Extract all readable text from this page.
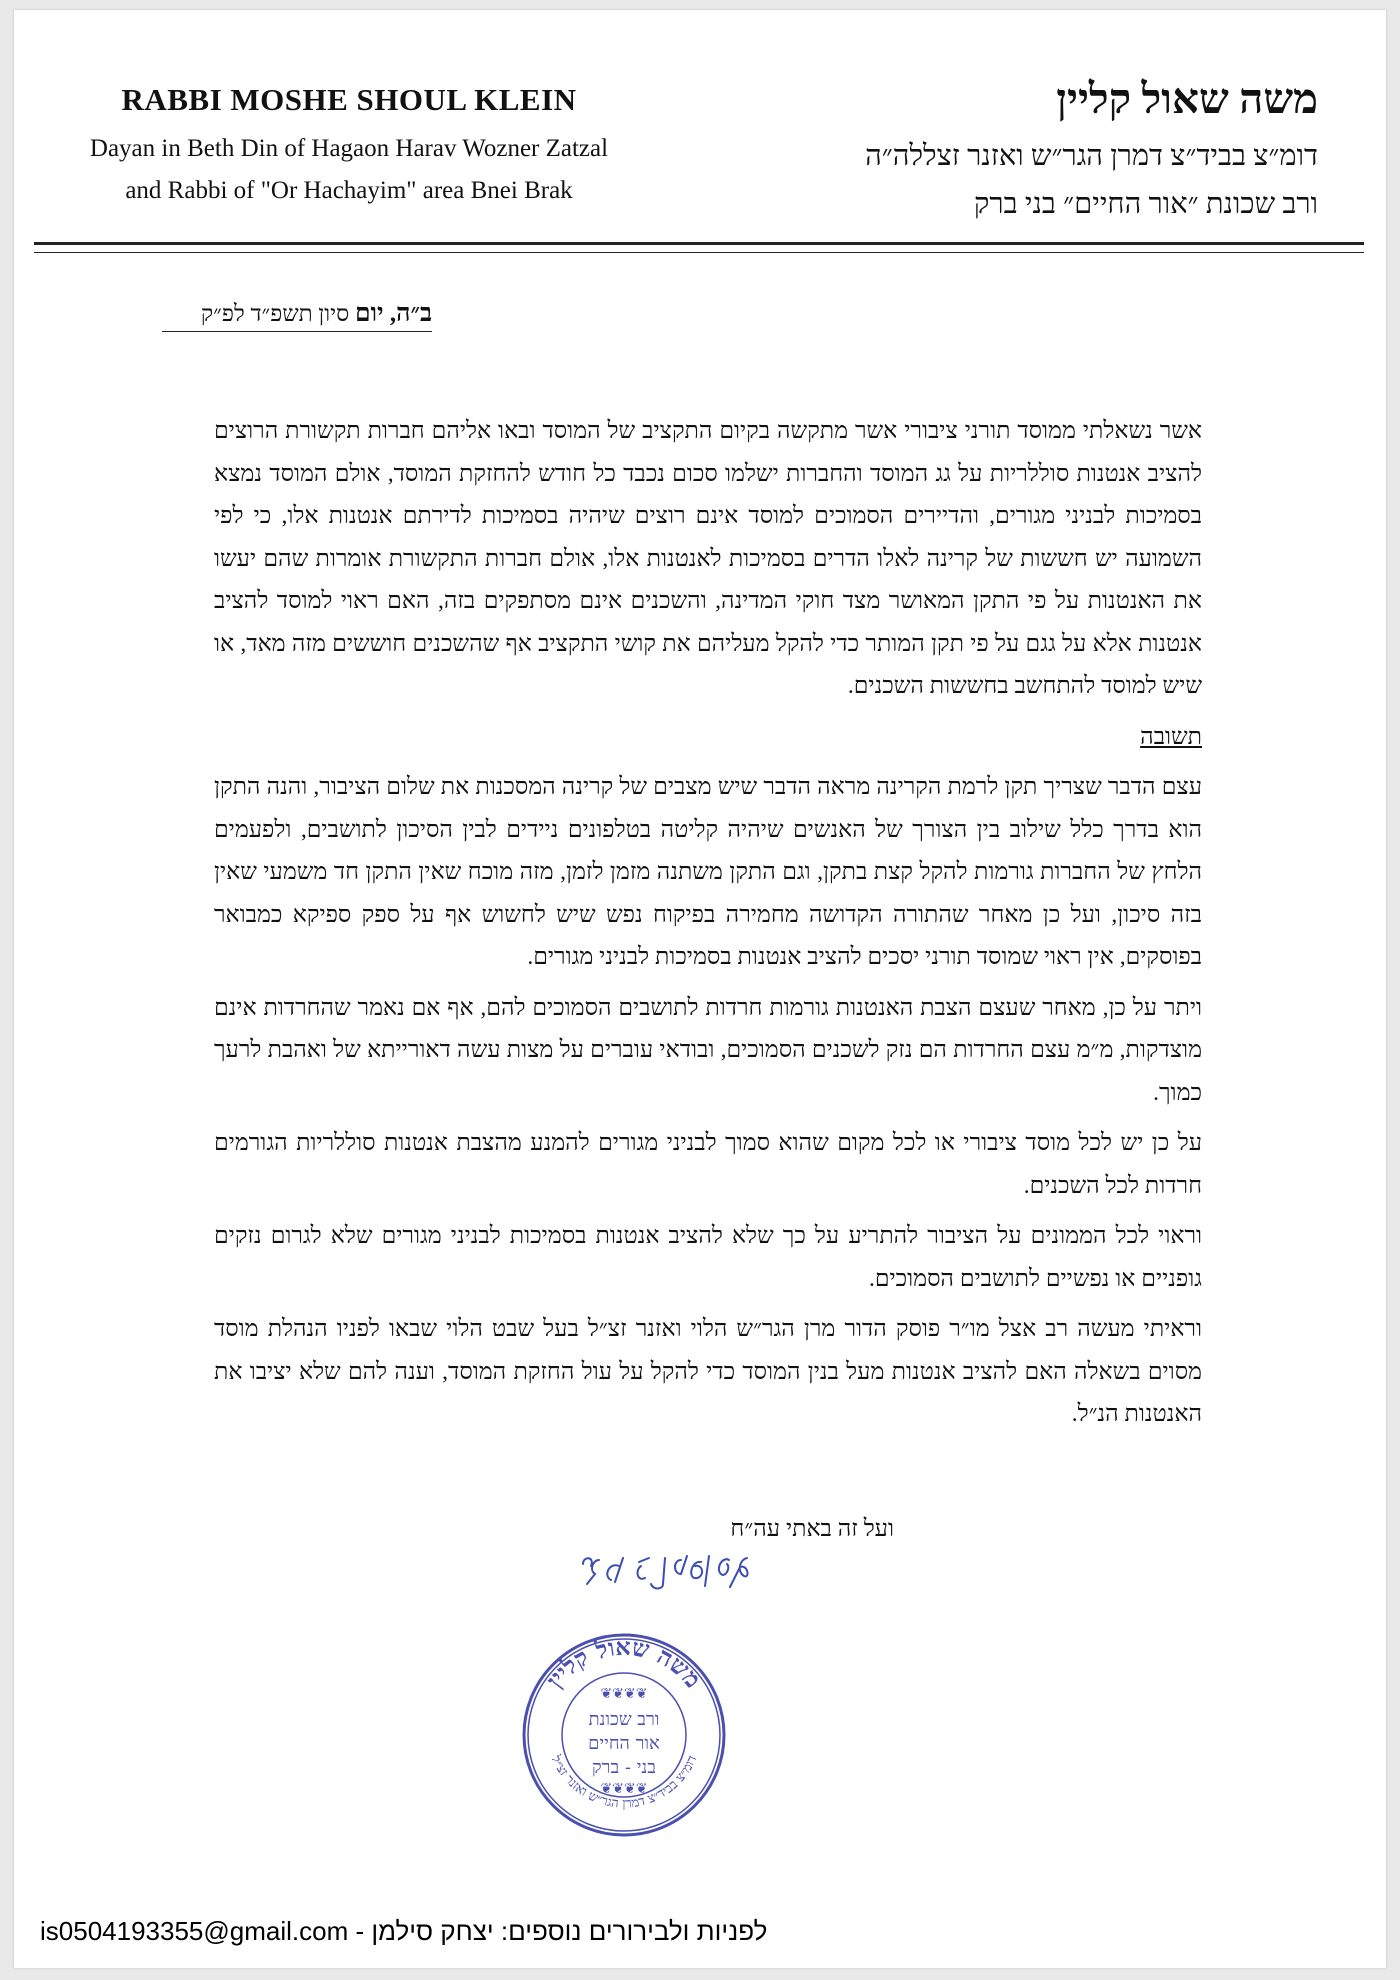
RABBI MOSHE SHOUL KLEIN
Dayan in Beth Din of Hagaon Harav Wozner Zatzal
and Rabbi of "Or Hachayim" area Bnei Brak
משה שאול קליין
דומ״צ בביד״צ דמרן הגר״ש ואזנר זצללה״ה
ורב שכונת ״אור החיים״ בני ברק
ב״ה, יום סיון תשפ״ד לפ״ק

אשר נשאלתי ממוסד תורני ציבורי אשר מתקשה בקיום התקציב של המוסד ובאו אליהם חברות תקשורת הרוצים להציב אנטנות סוללריות על גג המוסד והחברות ישלמו סכום נכבד כל חודש להחזקת המוסד, אולם המוסד נמצא בסמיכות לבניני מגורים, והדיירים הסמוכים למוסד אינם רוצים שיהיה בסמיכות לדירתם אנטנות אלו, כי לפי השמועה יש חששות של קרינה לאלו הדרים בסמיכות לאנטנות אלו, אולם חברות התקשורת אומרות שהם יעשו את האנטנות על פי התקן המאושר מצד חוקי המדינה, והשכנים אינם מסתפקים בזה, האם ראוי למוסד להציב אנטנות אלא על גגם על פי תקן המותר כדי להקל מעליהם את קושי התקציב אף שהשכנים חוששים מזה מאד, או שיש למוסד להתחשב בחששות השכנים.

תשובה

עצם הדבר שצריך תקן לרמת הקרינה מראה הדבר שיש מצבים של קרינה המסכנות את שלום הציבור, והנה התקן הוא בדרך כלל שילוב בין הצורך של האנשים שיהיה קליטה בטלפונים ניידים לבין הסיכון לתושבים, ולפעמים הלחץ של החברות גורמות להקל קצת בתקן, וגם התקן משתנה מזמן לזמן, מזה מוכח שאין התקן חד משמעי שאין בזה סיכון, ועל כן מאחר שהתורה הקדושה מחמירה בפיקוח נפש שיש לחשוש אף על ספק ספיקא כמבואר בפוסקים, אין ראוי שמוסד תורני יסכים להציב אנטנות בסמיכות לבניני מגורים.

ויתר על כן, מאחר שעצם הצבת האנטנות גורמות חרדות לתושבים הסמוכים להם, אף אם נאמר שהחרדות אינם מוצדקות, מ״מ עצם החרדות הם נזק לשכנים הסמוכים, ובודאי עוברים על מצות עשה דאורייתא של ואהבת לרעך כמוך.

על כן יש לכל מוסד ציבורי או לכל מקום שהוא סמוך לבניני מגורים להמנע מהצבת אנטנות סוללריות הגורמים חרדות לכל השכנים.

וראוי לכל הממונים על הציבור להתריע על כך שלא להציב אנטנות בסמיכות לבניני מגורים שלא לגרום נזקים גופניים או נפשיים לתושבים הסמוכים.

וראיתי מעשה רב אצל מו״ר פוסק הדור מרן הגר״ש הלוי ואזנר זצ״ל בעל שבט הלוי שבאו לפניו הנהלת מוסד מסוים בשאלה האם להציב אנטנות מעל בנין המוסד כדי להקל על עול החזקת המוסד, וענה להם שלא יציבו את האנטנות הנ״ל.

ועל זה באתי עה״ח
משה שאול קליין
דומ״צ בביד״צ דמרן הגר״ש ואזנר זצ״ל
❦❦❦❦
ורב שכונת
אור החיים
בני - ברק
❦❦❦❦
is0504193355@gmail.com - לפניות ולבירורים נוספים: יצחק סילמן
